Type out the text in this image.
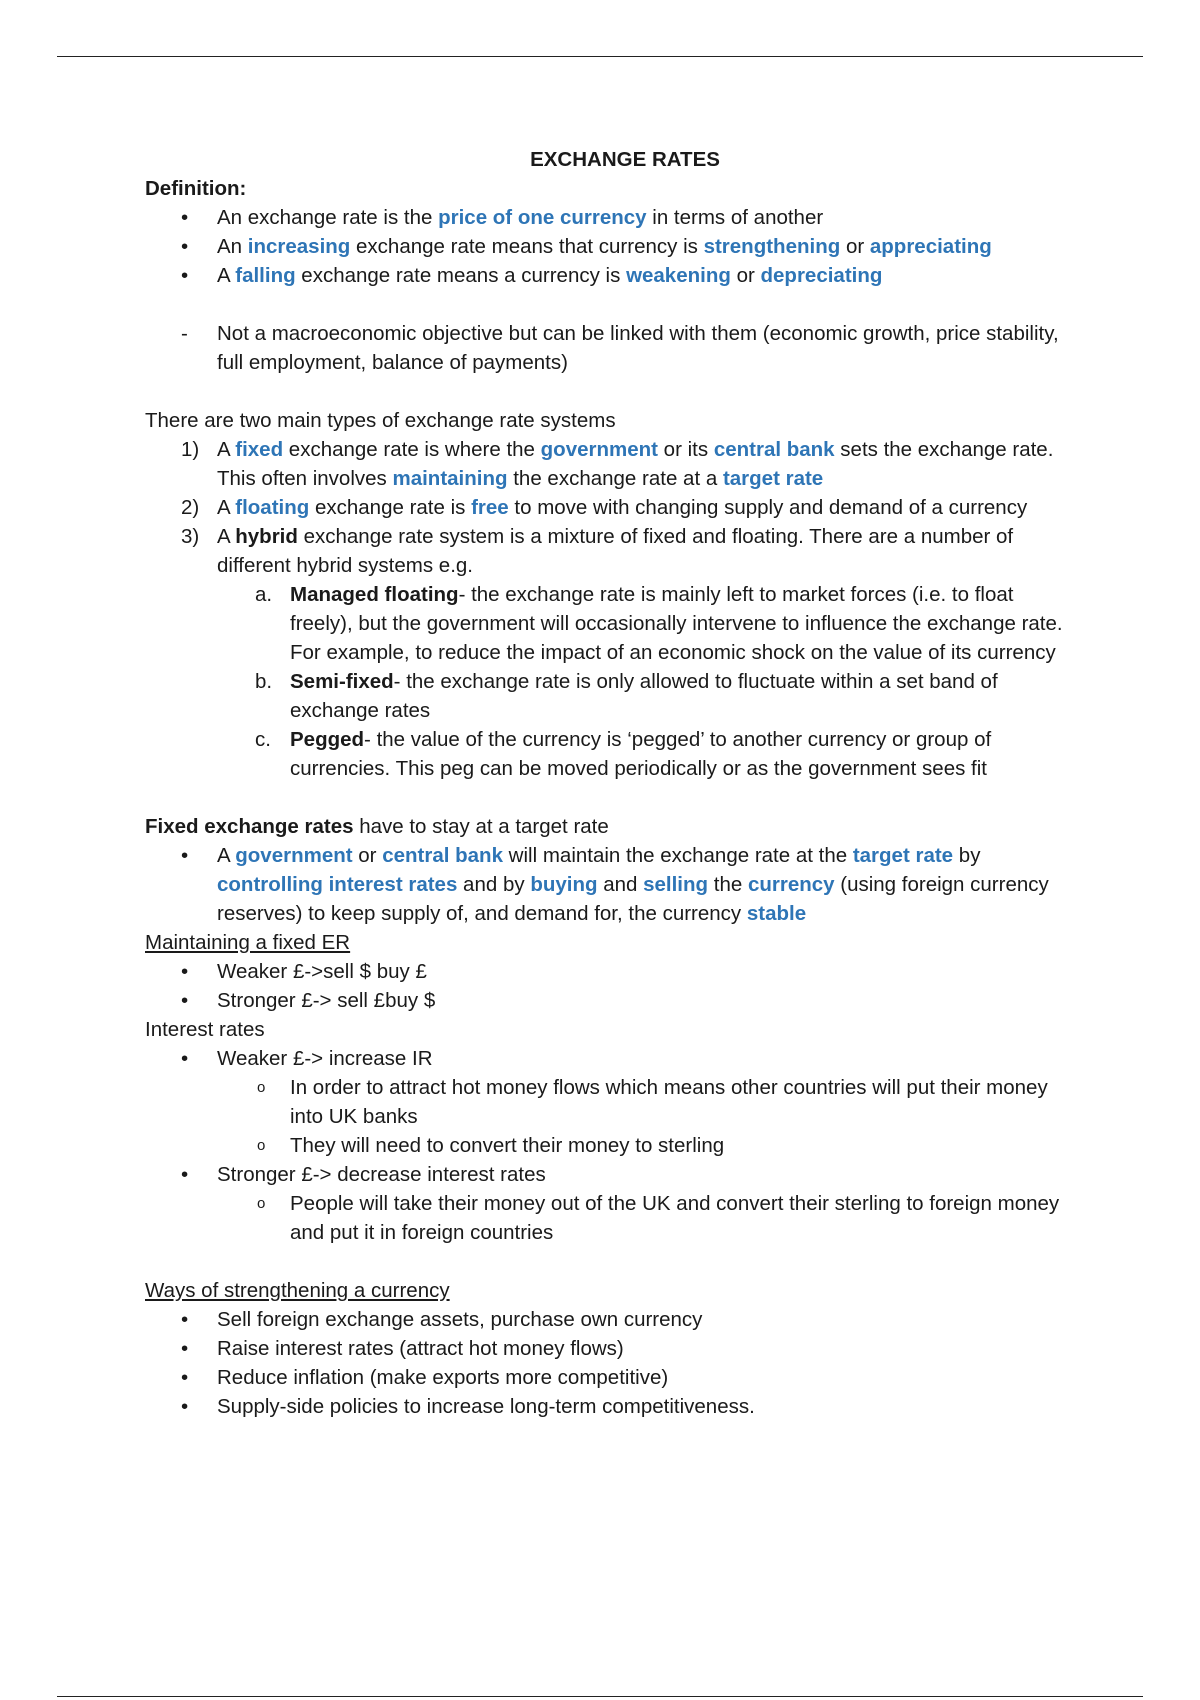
EXCHANGE RATES
Definition:
• An exchange rate is the price of one currency in terms of another
• An increasing exchange rate means that currency is strengthening or appreciating
• A falling exchange rate means a currency is weakening or depreciating
- Not a macroeconomic objective but can be linked with them (economic growth, price stability, full employment, balance of payments)
There are two main types of exchange rate systems
1) A fixed exchange rate is where the government or its central bank sets the exchange rate. This often involves maintaining the exchange rate at a target rate
2) A floating exchange rate is free to move with changing supply and demand of a currency
3) A hybrid exchange rate system is a mixture of fixed and floating. There are a number of different hybrid systems e.g.
a. Managed floating- the exchange rate is mainly left to market forces (i.e. to float freely), but the government will occasionally intervene to influence the exchange rate. For example, to reduce the impact of an economic shock on the value of its currency
b. Semi-fixed- the exchange rate is only allowed to fluctuate within a set band of exchange rates
c. Pegged- the value of the currency is ‘pegged’ to another currency or group of currencies. This peg can be moved periodically or as the government sees fit
Fixed exchange rates have to stay at a target rate
• A government or central bank will maintain the exchange rate at the target rate by controlling interest rates and by buying and selling the currency (using foreign currency reserves) to keep supply of, and demand for, the currency stable
Maintaining a fixed ER
• Weaker £->sell $ buy £
• Stronger £-> sell £buy $
Interest rates
• Weaker £-> increase IR
o In order to attract hot money flows which means other countries will put their money into UK banks
o They will need to convert their money to sterling
• Stronger £-> decrease interest rates
o People will take their money out of the UK and convert their sterling to foreign money and put it in foreign countries
Ways of strengthening a currency
• Sell foreign exchange assets, purchase own currency
• Raise interest rates (attract hot money flows)
• Reduce inflation (make exports more competitive)
• Supply-side policies to increase long-term competitiveness.
